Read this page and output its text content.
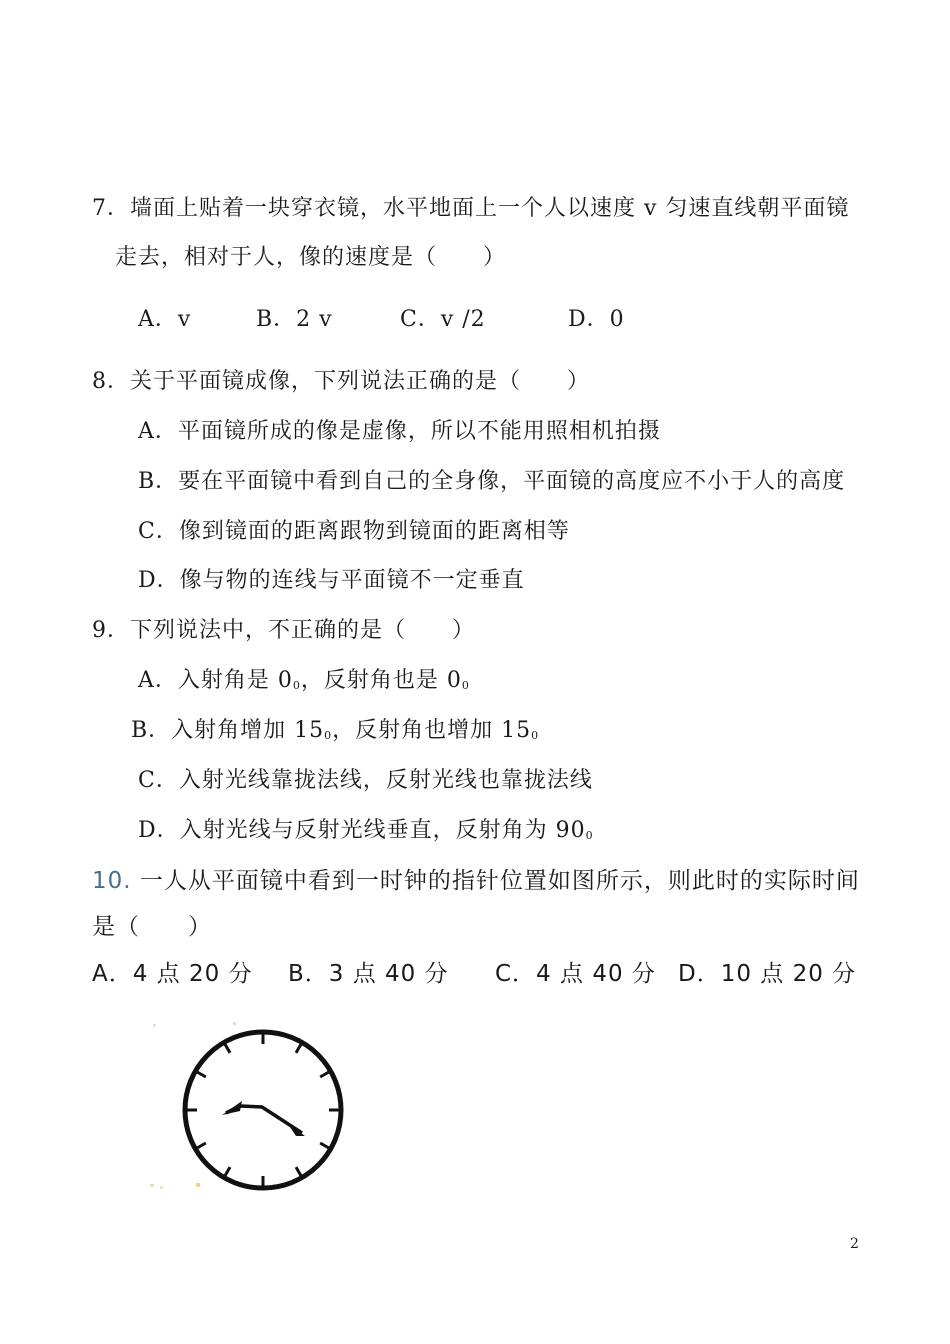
7．墙面上贴着一块穿衣镜，水平地面上一个人以速度 v 匀速直线朝平面镜
走去，相对于人，像的速度是（　　）
A．v	B．2 v	C．v /2	D．0
8．关于平面镜成像，下列说法正确的是（　　）
A．平面镜所成的像是虚像，所以不能用照相机拍摄
B．要在平面镜中看到自己的全身像，平面镜的高度应不小于人的高度
C．像到镜面的距离跟物到镜面的距离相等
D．像与物的连线与平面镜不一定垂直
9．下列说法中，不正确的是（　　）
A．入射角是 $0_0$，反射角也是 $0_0$
B．入射角增加 $15_0$，反射角也增加 $15_0$
C．入射光线靠拢法线，反射光线也靠拢法线
D．入射光线与反射光线垂直，反射角为 $90_0$
10. 一人从平面镜中看到一时钟的指针位置如图所示，则此时的实际时间
是（　　）
A．4 点 20 分 B．3 点 40 分 C．4 点 40 分 D．10 点 20 分
2
